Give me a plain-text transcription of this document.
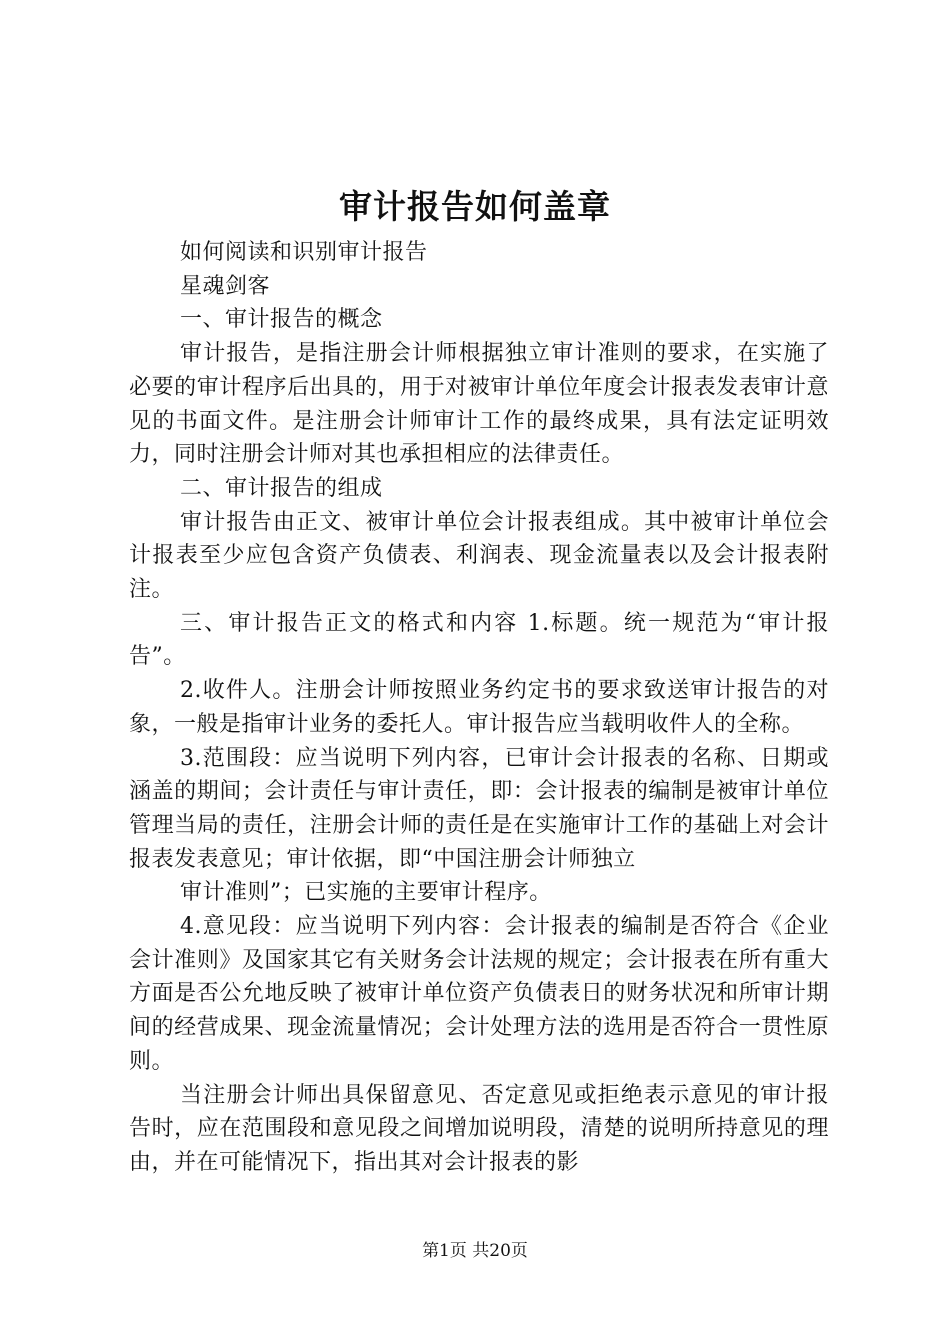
审计报告如何盖章

如何阅读和识别审计报告

星魂剑客

一、审计报告的概念

审计报告，是指注册会计师根据独立审计准则的要求，在实施了必要的审计程序后出具的，用于对被审计单位年度会计报表发表审计意见的书面文件。是注册会计师审计工作的最终成果，具有法定证明效力，同时注册会计师对其也承担相应的法律责任。

二、审计报告的组成

审计报告由正文、被审计单位会计报表组成。其中被审计单位会计报表至少应包含资产负债表、利润表、现金流量表以及会计报表附注。

三、审计报告正文的格式和内容 1.标题。统一规范为“审计报告”。

2.收件人。注册会计师按照业务约定书的要求致送审计报告的对象，一般是指审计业务的委托人。审计报告应当载明收件人的全称。

3.范围段：应当说明下列内容，已审计会计报表的名称、日期或涵盖的期间；会计责任与审计责任，即：会计报表的编制是被审计单位管理当局的责任，注册会计师的责任是在实施审计工作的基础上对会计报表发表意见；审计依据，即“中国注册会计师独立

审计准则”；已实施的主要审计程序。

4.意见段：应当说明下列内容：会计报表的编制是否符合《企业会计准则》及国家其它有关财务会计法规的规定；会计报表在所有重大方面是否公允地反映了被审计单位资产负债表日的财务状况和所审计期间的经营成果、现金流量情况；会计处理方法的选用是否符合一贯性原则。

当注册会计师出具保留意见、否定意见或拒绝表示意见的审计报告时，应在范围段和意见段之间增加说明段，清楚的说明所持意见的理由，并在可能情况下，指出其对会计报表的影

第1页 共20页
